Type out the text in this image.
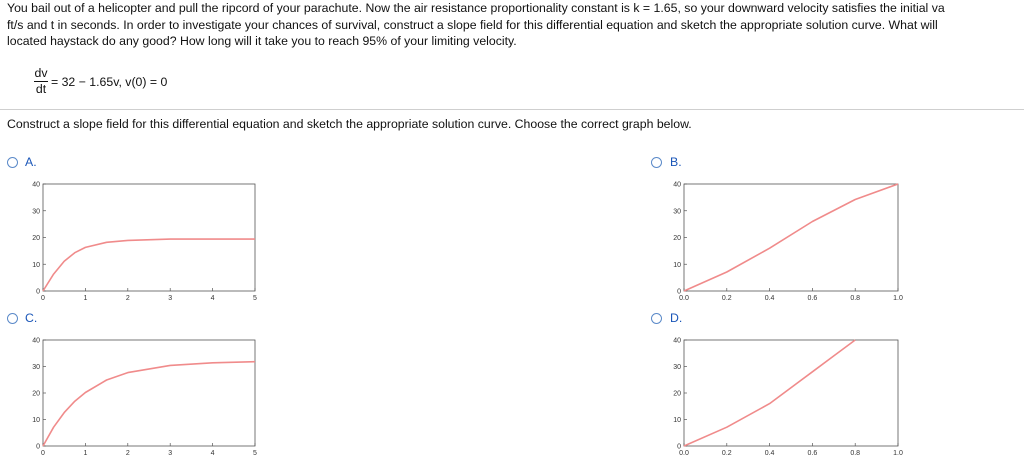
You bail out of a helicopter and pull the ripcord of your parachute. Now the air resistance proportionality constant is k = 1.65, so your downward velocity satisfies the initial va
ft/s and t in seconds. In order to investigate your chances of survival, construct a slope field for this differential equation and sketch the appropriate solution curve. What will
located haystack do any good? How long will it take you to reach 95% of your limiting velocity.
$\frac{dv}{dt} = 32 - 1.65v$, v(0) = 0
Construct a slope field for this differential equation and sketch the appropriate solution curve. Choose the correct graph below.
A.
0	1	2	3	4	5
0
10
20
30
40
B.
0.0	0.2	0.4	0.6	0.8	1.0
0
10
20
30
40
C.
0	1	2	3	4	5
0
10
20
30
40
D.
0.0	0.2	0.4	0.6	0.8	1.0
0
10
20
30
40
